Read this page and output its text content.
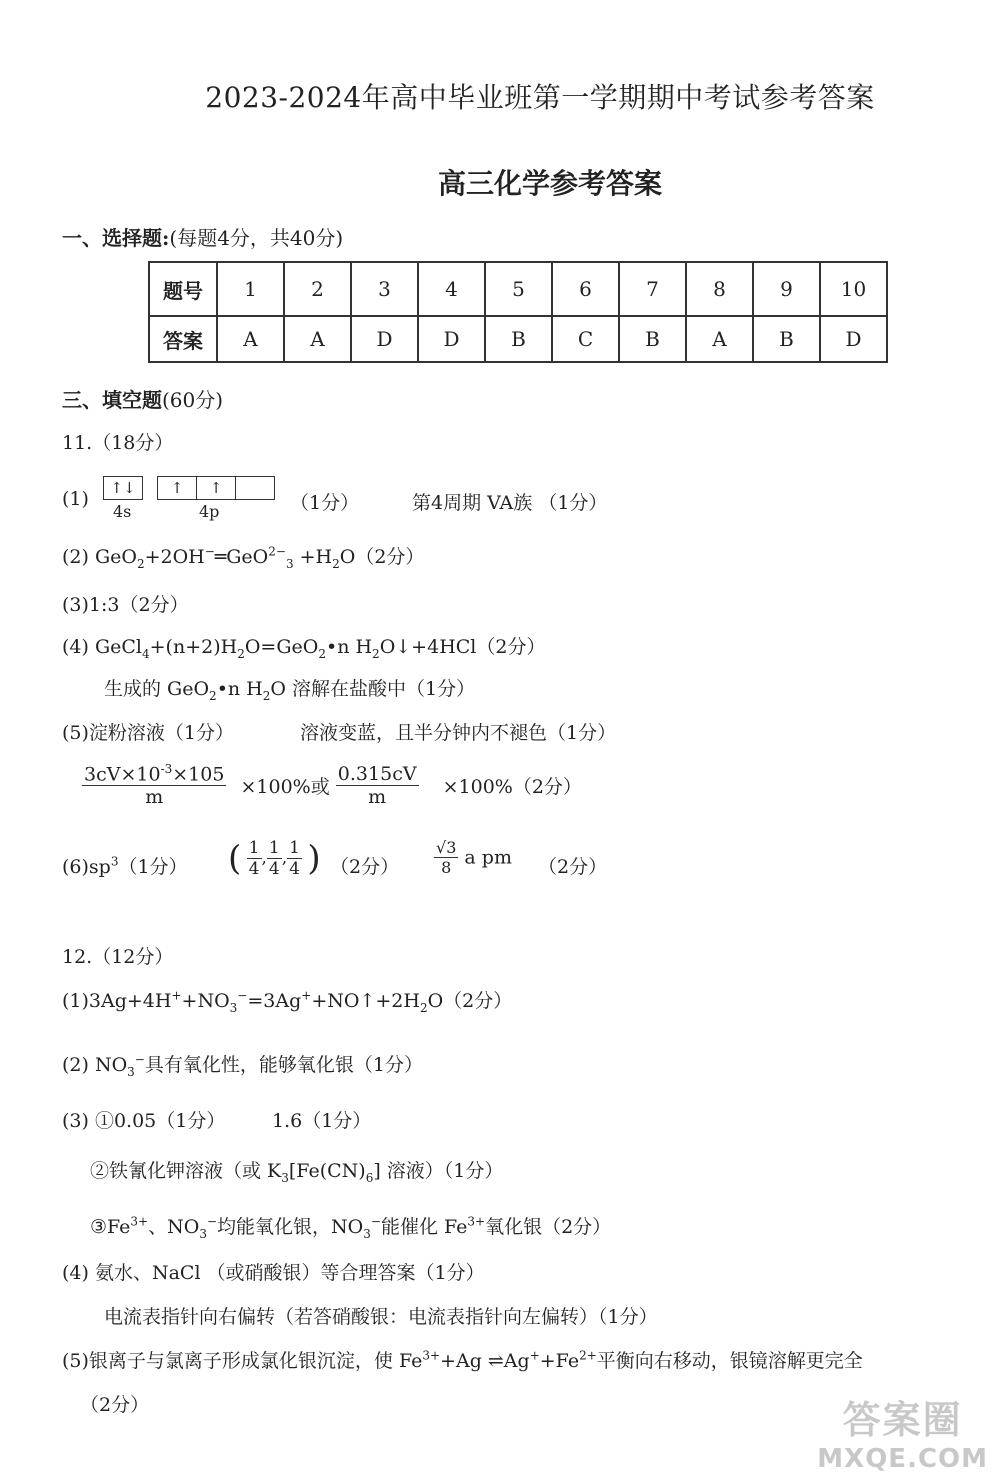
2023-2024年高中毕业班第一学期期中考试参考答案
高三化学参考答案
一、选择题:(每题4分，共40分)
题号	1	2	3	4	5	6	7	8	9	10
答案	A	A	D	D	B	C	B	A	B	D
三、填空题(60分)
11.（18分）
(1)	↑↓	↑	↑
4s	4p	（1分）	第4周期 VA族 （1分）
(2) GeO$_2$+2OH−═GeO$^{2-}_3$ $+H_2O(2$分）
(3)1:3（2分）
(4) $GeCl_4+(n+2)H_2O=GeO_2•n$ $H_2O↓+4HCl(2$分）
生成的 GeO$_2$•n $H_2O$ 溶解在盐酸中（1分）
(5)淀粉溶液（1分）	溶液变蓝，且半分钟内不褪色（1分）
$\frac{3cV\times 10^{-3}\times 105}{m} \times 100\%$或 $\frac{0.315cV}{m} \times 100\%(2$分）
$(6)sp^3(1$分） ( $\frac{1}{4}$ , $\frac{1}{4}$ , $\frac{1}{4}$ ) （2分） $\frac{√3}{8}$ a pm （2分）
12.（12分）
$(1)3Ag+4H^++NO_3^-=3Ag^++NO↑+2H_2O(2$分）
(2) $NO_3^-$具有氧化性，能够氧化银（1分）
(3) ①0.05（1分） 1.6（1分）
②铁氰化钾溶液（或 $K_3[Fe(CN)_6]$ 溶液）（1分）
$③Fe^{3+}$、$NO_3^-$均能氧化银，$NO_3^-$能催化 $Fe^{3+}$氧化银（2分）
(4) 氨水、NaCl （或硝酸银）等合理答案（1分）
电流表指针向右偏转（若答硝酸银：电流表指针向左偏转）（1分）
(5)银离子与氯离子形成氯化银沉淀，使 $Fe^{3+}+Ag$ $\rightleftharpoons Ag^++Fe^{2+}$平衡向右移动，银镜溶解更完全
（2分）	答案圈
MXQE.COM
